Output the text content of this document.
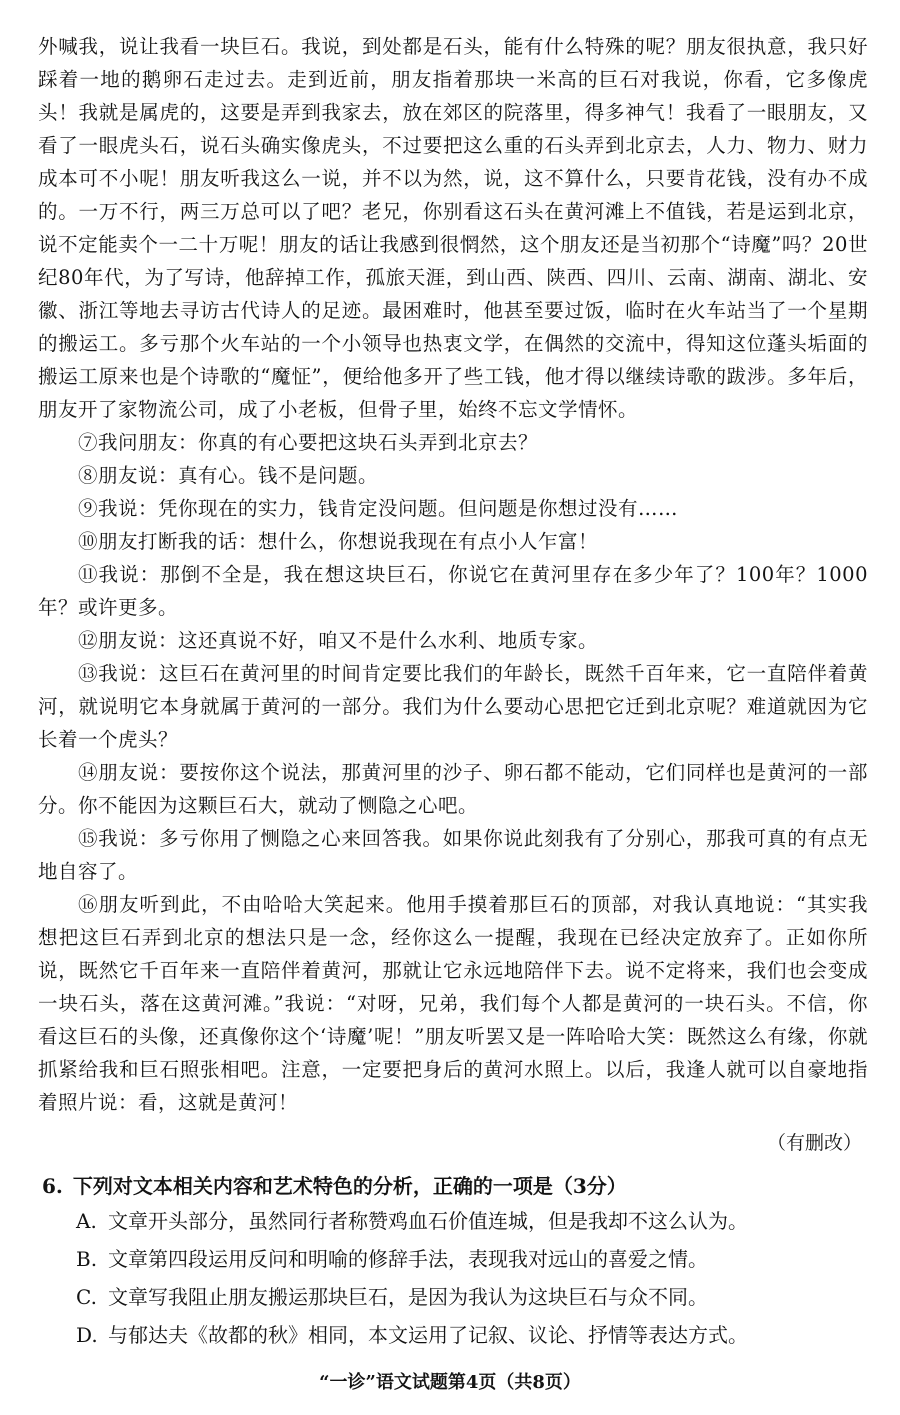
外喊我，说让我看一块巨石。我说，到处都是石头，能有什么特殊的呢？朋友很执意，我只好踩着一地的鹅卵石走过去。走到近前，朋友指着那块一米高的巨石对我说，你看，它多像虎头！我就是属虎的，这要是弄到我家去，放在郊区的院落里，得多神气！我看了一眼朋友，又看了一眼虎头石，说石头确实像虎头，不过要把这么重的石头弄到北京去，人力、物力、财力成本可不小呢！朋友听我这么一说，并不以为然，说，这不算什么，只要肯花钱，没有办不成的。一万不行，两三万总可以了吧？老兄，你别看这石头在黄河滩上不值钱，若是运到北京，说不定能卖个一二十万呢！朋友的话让我感到很惘然，这个朋友还是当初那个“诗魔”吗？20世纪80年代，为了写诗，他辞掉工作，孤旅天涯，到山西、陕西、四川、云南、湖南、湖北、安徽、浙江等地去寻访古代诗人的足迹。最困难时，他甚至要过饭，临时在火车站当了一个星期的搬运工。多亏那个火车站的一个小领导也热衷文学，在偶然的交流中，得知这位蓬头垢面的搬运工原来也是个诗歌的“魔怔”，便给他多开了些工钱，他才得以继续诗歌的跋涉。多年后，朋友开了家物流公司，成了小老板，但骨子里，始终不忘文学情怀。

⑦我问朋友：你真的有心要把这块石头弄到北京去？

⑧朋友说：真有心。钱不是问题。

⑨我说：凭你现在的实力，钱肯定没问题。但问题是你想过没有……

⑩朋友打断我的话：想什么，你想说我现在有点小人乍富！

⑪我说：那倒不全是，我在想这块巨石，你说它在黄河里存在多少年了？100年？1000年？或许更多。

⑫朋友说：这还真说不好，咱又不是什么水利、地质专家。

⑬我说：这巨石在黄河里的时间肯定要比我们的年龄长，既然千百年来，它一直陪伴着黄河，就说明它本身就属于黄河的一部分。我们为什么要动心思把它迁到北京呢？难道就因为它长着一个虎头？

⑭朋友说：要按你这个说法，那黄河里的沙子、卵石都不能动，它们同样也是黄河的一部分。你不能因为这颗巨石大，就动了恻隐之心吧。

⑮我说：多亏你用了恻隐之心来回答我。如果你说此刻我有了分别心，那我可真的有点无地自容了。

⑯朋友听到此，不由哈哈大笑起来。他用手摸着那巨石的顶部，对我认真地说：“其实我想把这巨石弄到北京的想法只是一念，经你这么一提醒，我现在已经决定放弃了。正如你所说，既然它千百年来一直陪伴着黄河，那就让它永远地陪伴下去。说不定将来，我们也会变成一块石头，落在这黄河滩。”我说：“对呀，兄弟，我们每个人都是黄河的一块石头。不信，你看这巨石的头像，还真像你这个‘诗魔’呢！”朋友听罢又是一阵哈哈大笑：既然这么有缘，你就抓紧给我和巨石照张相吧。注意，一定要把身后的黄河水照上。以后，我逢人就可以自豪地指着照片说：看，这就是黄河！

（有删改）
6. 下列对文本相关内容和艺术特色的分析，正确的一项是（3分）
A. 文章开头部分，虽然同行者称赞鸡血石价值连城，但是我却不这么认为。
B. 文章第四段运用反问和明喻的修辞手法，表现我对远山的喜爱之情。
C. 文章写我阻止朋友搬运那块巨石，是因为我认为这块巨石与众不同。
D. 与郁达夫《故都的秋》相同，本文运用了记叙、议论、抒情等表达方式。
“一诊”语文试题第4页（共8页）
